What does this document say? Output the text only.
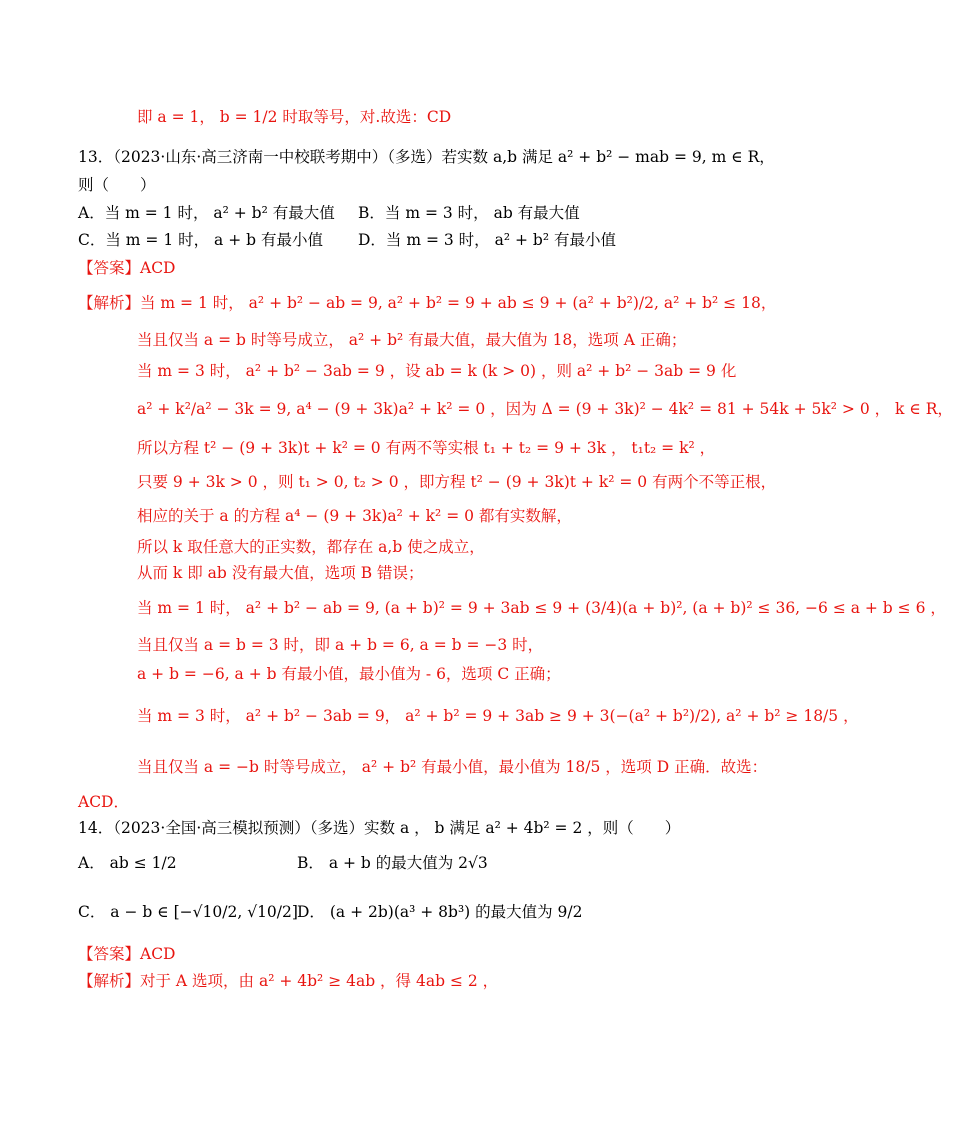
即 a = 1， b = 1/2 时取等号，对.故选：CD
13．（2023·山东·高三济南一中校联考期中）（多选）若实数 a,b 满足 a² + b² − mab = 9, m ∈ R，
则（　　）
A．当 m = 1 时， a² + b² 有最大值 B．当 m = 3 时， ab 有最大值
C．当 m = 1 时， a + b 有最小值 D．当 m = 3 时， a² + b² 有最小值
【答案】ACD
【解析】当 m = 1 时， a² + b² − ab = 9, a² + b² = 9 + ab ≤ 9 + (a² + b²)/2, a² + b² ≤ 18，
当且仅当 a = b 时等号成立， a² + b² 有最大值，最大值为 18，选项 A 正确；
当 m = 3 时， a² + b² − 3ab = 9 ，设 ab = k (k > 0) ，则 a² + b² − 3ab = 9 化
a² + k²/a² − 3k = 9, a⁴ − (9 + 3k)a² + k² = 0 ，因为 Δ = (9 + 3k)² − 4k² = 81 + 54k + 5k² > 0 ， k ∈ R，
所以方程 t² − (9 + 3k)t + k² = 0 有两不等实根 t₁ + t₂ = 9 + 3k ， t₁t₂ = k² ，
只要 9 + 3k > 0 ，则 t₁ > 0, t₂ > 0 ，即方程 t² − (9 + 3k)t + k² = 0 有两个不等正根，
相应的关于 a 的方程 a⁴ − (9 + 3k)a² + k² = 0 都有实数解，
所以 k 取任意大的正实数，都存在 a,b 使之成立，
从而 k 即 ab 没有最大值，选项 B 错误；
当 m = 1 时， a² + b² − ab = 9, (a + b)² = 9 + 3ab ≤ 9 + (3/4)(a + b)², (a + b)² ≤ 36, −6 ≤ a + b ≤ 6 ，
当且仅当 a = b = 3 时，即 a + b = 6, a = b = −3 时，
a + b = −6, a + b 有最小值，最小值为 - 6，选项 C 正确；
当 m = 3 时， a² + b² − 3ab = 9， a² + b² = 9 + 3ab ≥ 9 + 3(−(a² + b²)/2), a² + b² ≥ 18/5 ，
当且仅当 a = −b 时等号成立， a² + b² 有最小值，最小值为 18/5 ，选项 D 正确．故选：
ACD．
14．（2023·全国·高三模拟预测）（多选）实数 a ， b 满足 a² + 4b² = 2 ，则（　　）
A． ab ≤ 1/2	B． a + b 的最大值为 2√3
C． a − b ∈ [−√10/2, √10/2] D． (a + 2b)(a³ + 8b³) 的最大值为 9/2
【答案】ACD
【解析】对于 A 选项，由 a² + 4b² ≥ 4ab ，得 4ab ≤ 2 ，
